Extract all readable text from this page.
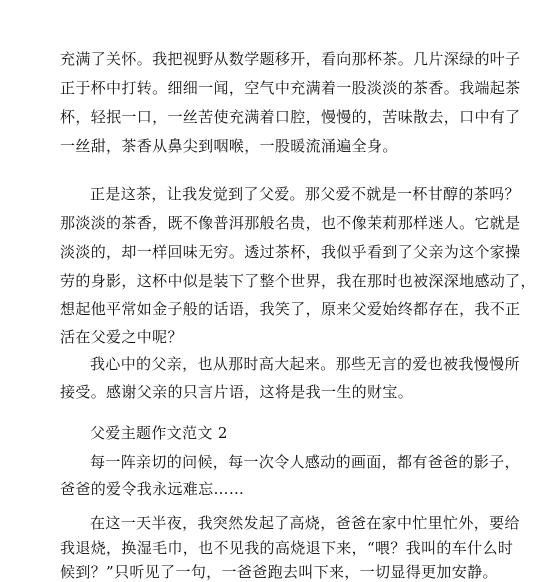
充满了关怀。我把视野从数学题移开，看向那杯茶。几片深绿的叶子
正于杯中打转。细细一闻，空气中充满着一股淡淡的茶香。我端起茶
杯，轻抿一口，一丝苦使充满着口腔，慢慢的，苦味散去，口中有了
一丝甜，茶香从鼻尖到咽喉，一股暖流涌遍全身。
正是这茶，让我发觉到了父爱。那父爱不就是一杯甘醇的茶吗？
那淡淡的茶香，既不像普洱那般名贵，也不像茉莉那样迷人。它就是
淡淡的，却一样回味无穷。透过茶杯，我似乎看到了父亲为这个家操
劳的身影，这杯中似是装下了整个世界，我在那时也被深深地感动了，
想起他平常如金子般的话语，我笑了，原来父爱始终都存在，我不正
活在父爱之中呢？
我心中的父亲，也从那时高大起来。那些无言的爱也被我慢慢所
接受。感谢父亲的只言片语，这将是我一生的财宝。
父爱主题作文范文 2
每一阵亲切的问候，每一次令人感动的画面，都有爸爸的影子，
爸爸的爱令我永远难忘……
在这一天半夜，我突然发起了高烧，爸爸在家中忙里忙外，要给
我退烧，换湿毛巾，也不见我的高烧退下来，“喂？我叫的车什么时
候到？”只听见了一句，一爸爸跑去叫下来，一切显得更加安静。
